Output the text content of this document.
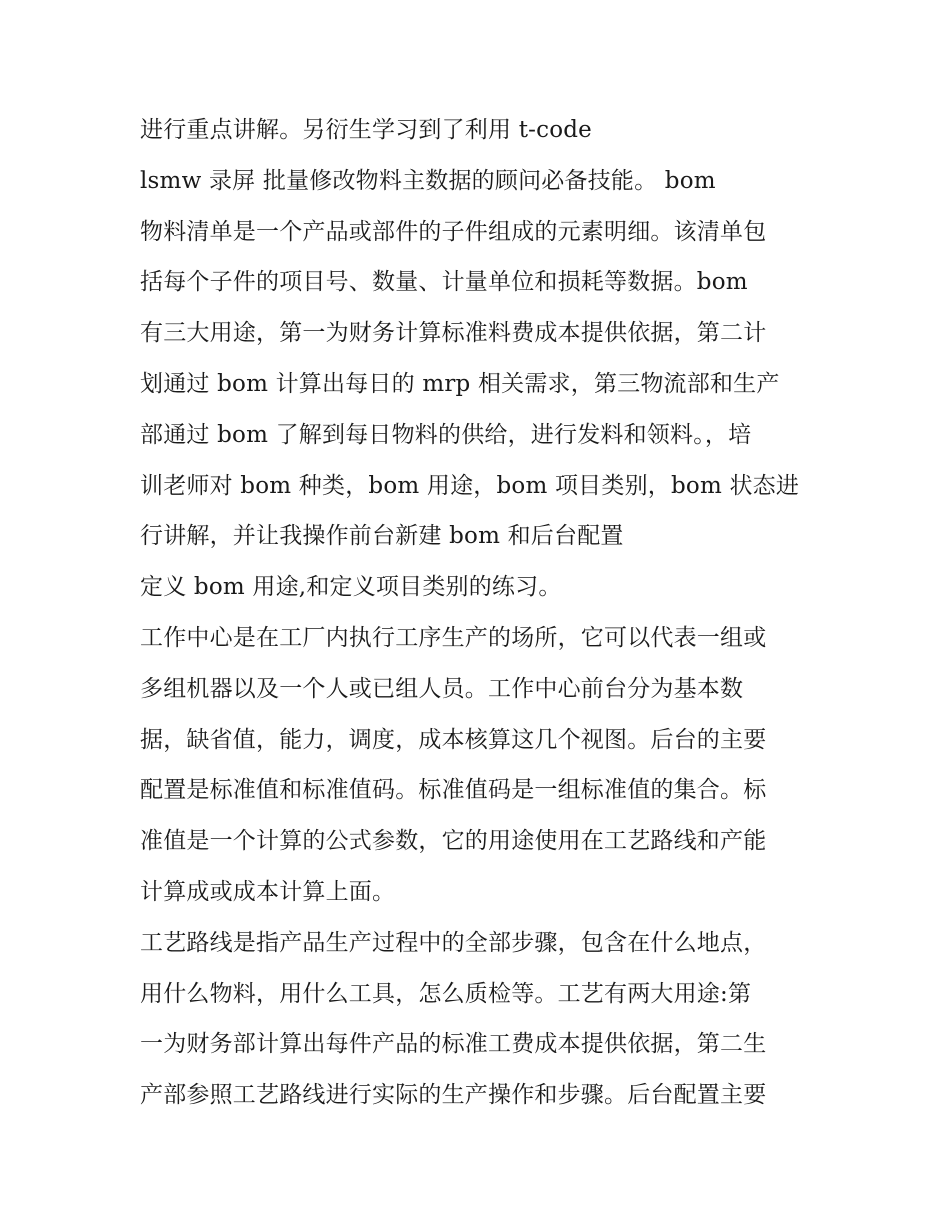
进行重点讲解。另衍生学习到了利用 t-code
lsmw 录屏 批量修改物料主数据的顾问必备技能。 bom
物料清单是一个产品或部件的子件组成的元素明细。该清单包
括每个子件的项目号、数量、计量单位和损耗等数据。bom
有三大用途，第一为财务计算标准料费成本提供依据，第二计
划通过 bom 计算出每日的 mrp 相关需求，第三物流部和生产
部通过 bom 了解到每日物料的供给，进行发料和领料。，培
训老师对 bom 种类，bom 用途，bom 项目类别，bom 状态进
行讲解，并让我操作前台新建 bom 和后台配置
定义 bom 用途,和定义项目类别的练习。
工作中心是在工厂内执行工序生产的场所，它可以代表一组或
多组机器以及一个人或已组人员。工作中心前台分为基本数
据，缺省值，能力，调度，成本核算这几个视图。后台的主要
配置是标准值和标准值码。标准值码是一组标准值的集合。标
准值是一个计算的公式参数，它的用途使用在工艺路线和产能
计算成或成本计算上面。
工艺路线是指产品生产过程中的全部步骤，包含在什么地点，
用什么物料，用什么工具，怎么质检等。工艺有两大用途:第
一为财务部计算出每件产品的标准工费成本提供依据，第二生
产部参照工艺路线进行实际的生产操作和步骤。后台配置主要
